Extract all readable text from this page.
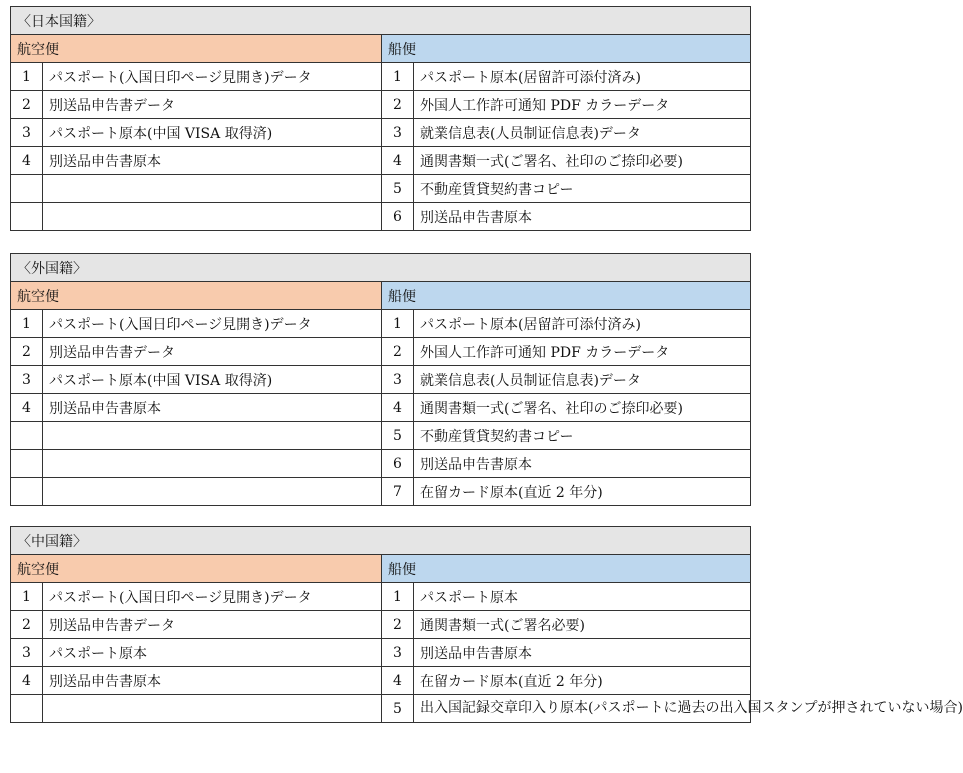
〈日本国籍〉			
航空便		船便	
1	パスポート(入国日印ページ見開き)データ	1	パスポート原本(居留許可添付済み)
2	別送品申告書データ	2	外国人工作許可通知 PDF カラーデータ
3	パスポート原本(中国 VISA 取得済)	3	就業信息表(人员制证信息表)データ
4	別送品申告書原本	4	通関書類一式(ご署名、社印のご捺印必要)
		5	不動産賃貸契約書コピー
		6	別送品申告書原本
〈外国籍〉			
航空便		船便	
1	パスポート(入国日印ページ見開き)データ	1	パスポート原本(居留許可添付済み)
2	別送品申告書データ	2	外国人工作許可通知 PDF カラーデータ
3	パスポート原本(中国 VISA 取得済)	3	就業信息表(人员制证信息表)データ
4	別送品申告書原本	4	通関書類一式(ご署名、社印のご捺印必要)
		5	不動産賃貸契約書コピー
		6	別送品申告書原本
		7	在留カード原本(直近 2 年分)
〈中国籍〉			
航空便		船便	
1	パスポート(入国日印ページ見開き)データ	1	パスポート原本
2	別送品申告書データ	2	通関書類一式(ご署名必要)
3	パスポート原本	3	別送品申告書原本
4	別送品申告書原本	4	在留カード原本(直近 2 年分)
		5	出入国記録交章印入り原本(パスポートに過去の出入国スタンプが押されていない場合)
